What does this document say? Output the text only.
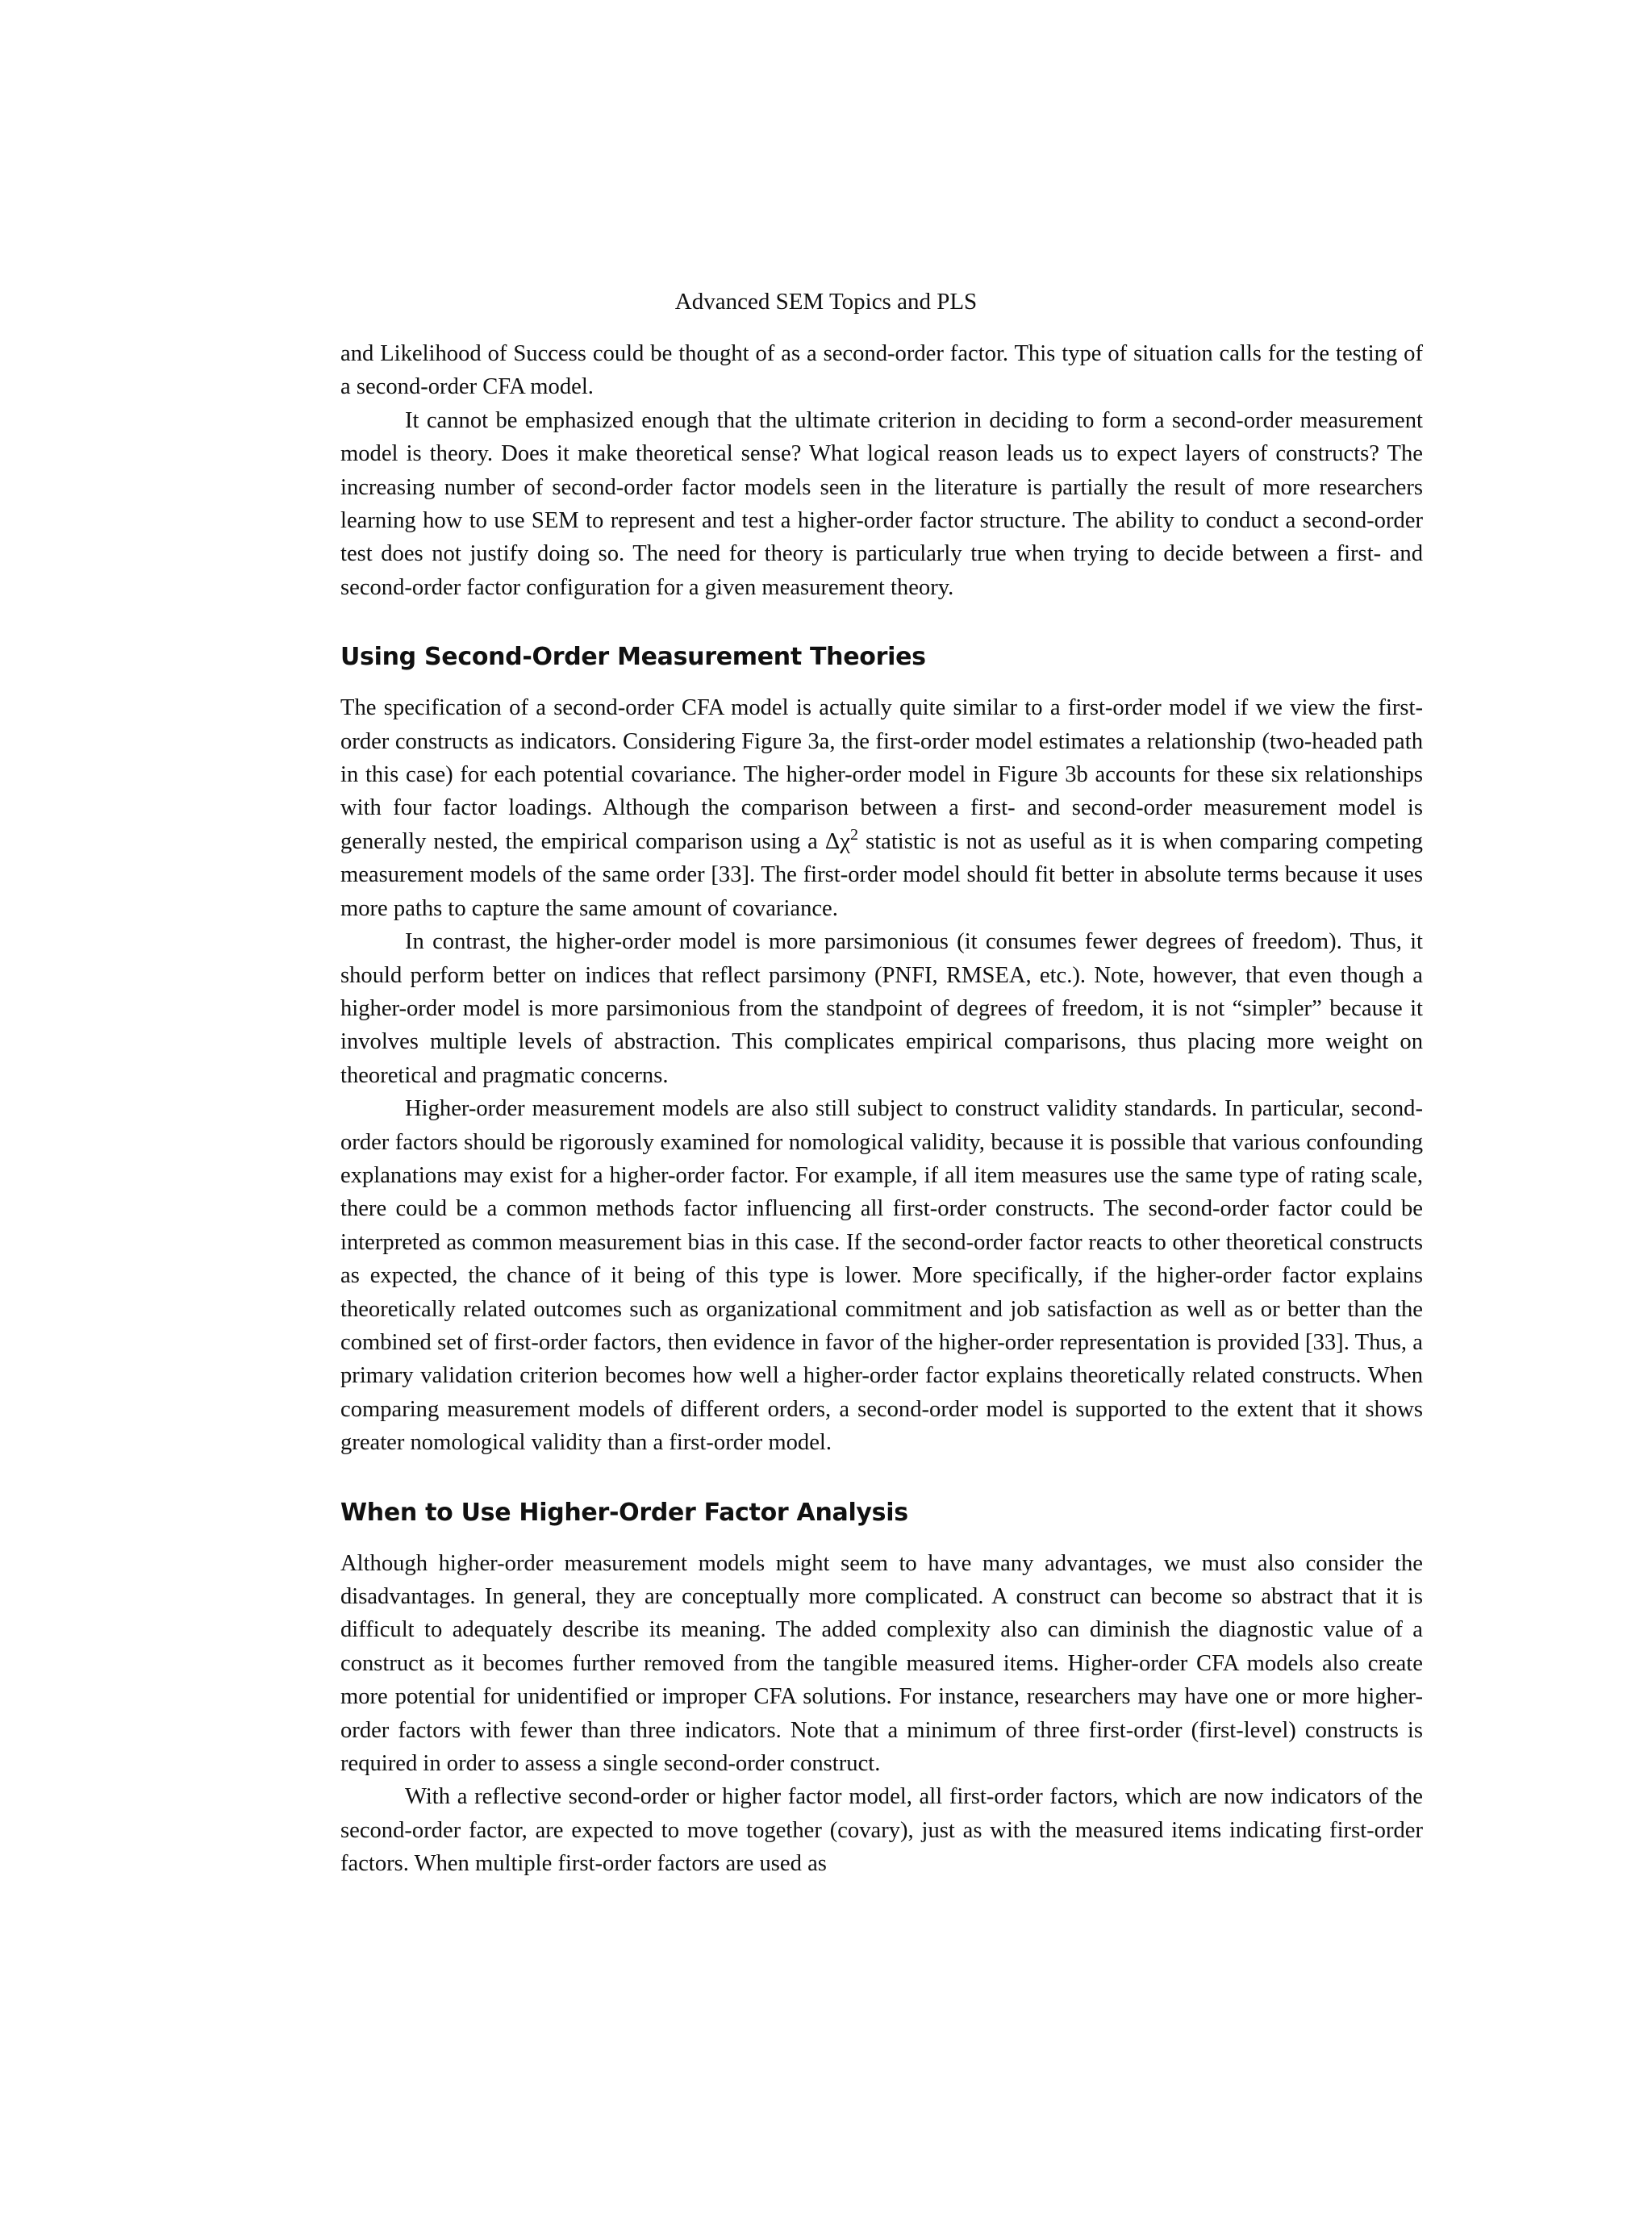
Advanced SEM Topics and PLS

and Likelihood of Success could be thought of as a second-order factor. This type of situation calls for the testing of a second-order CFA model.

It cannot be emphasized enough that the ultimate criterion in deciding to form a second-order measurement model is theory. Does it make theoretical sense? What logical reason leads us to expect layers of constructs? The increasing number of second-order factor models seen in the literature is partially the result of more researchers learning how to use SEM to represent and test a higher-order factor structure. The ability to conduct a second-order test does not justify doing so. The need for theory is particularly true when trying to decide between a first- and second-order factor configuration for a given measurement theory.

Using Second-Order Measurement Theories

The specification of a second-order CFA model is actually quite similar to a first-order model if we view the first-order constructs as indicators. Considering Figure 3a, the first-order model estimates a relationship (two-headed path in this case) for each potential covariance. The higher-order model in Figure 3b accounts for these six relationships with four factor loadings. Although the comparison between a first- and second-order measurement model is generally nested, the empirical comparison using a $\Delta\chi^2$ statistic is not as useful as it is when comparing competing measurement models of the same order [33]. The first-order model should fit better in absolute terms because it uses more paths to capture the same amount of covariance.

In contrast, the higher-order model is more parsimonious (it consumes fewer degrees of freedom). Thus, it should perform better on indices that reflect parsimony (PNFI, RMSEA, etc.). Note, however, that even though a higher-order model is more parsimonious from the standpoint of degrees of freedom, it is not “simpler” because it involves multiple levels of abstraction. This complicates empirical comparisons, thus placing more weight on theoretical and pragmatic concerns.

Higher-order measurement models are also still subject to construct validity standards. In particular, second-order factors should be rigorously examined for nomological validity, because it is possible that various confounding explanations may exist for a higher-order factor. For example, if all item measures use the same type of rating scale, there could be a common methods factor influencing all first-order constructs. The second-order factor could be interpreted as common measurement bias in this case. If the second-order factor reacts to other theoretical constructs as expected, the chance of it being of this type is lower. More specifically, if the higher-order factor explains theoretically related outcomes such as organizational commitment and job satisfaction as well as or better than the combined set of first-order factors, then evidence in favor of the higher-order representation is provided [33]. Thus, a primary validation criterion becomes how well a higher-order factor explains theoretically related constructs. When comparing measurement models of different orders, a second-order model is supported to the extent that it shows greater nomological validity than a first-order model.

When to Use Higher-Order Factor Analysis

Although higher-order measurement models might seem to have many advantages, we must also consider the disadvantages. In general, they are conceptually more complicated. A construct can become so abstract that it is difficult to adequately describe its meaning. The added complexity also can diminish the diagnostic value of a construct as it becomes further removed from the tangible measured items. Higher-order CFA models also create more potential for unidentified or improper CFA solutions. For instance, researchers may have one or more higher-order factors with fewer than three indicators. Note that a minimum of three first-order (first-level) constructs is required in order to assess a single second-order construct.

With a reflective second-order or higher factor model, all first-order factors, which are now indicators of the second-order factor, are expected to move together (covary), just as with the measured items indicating first-order factors. When multiple first-order factors are used as
